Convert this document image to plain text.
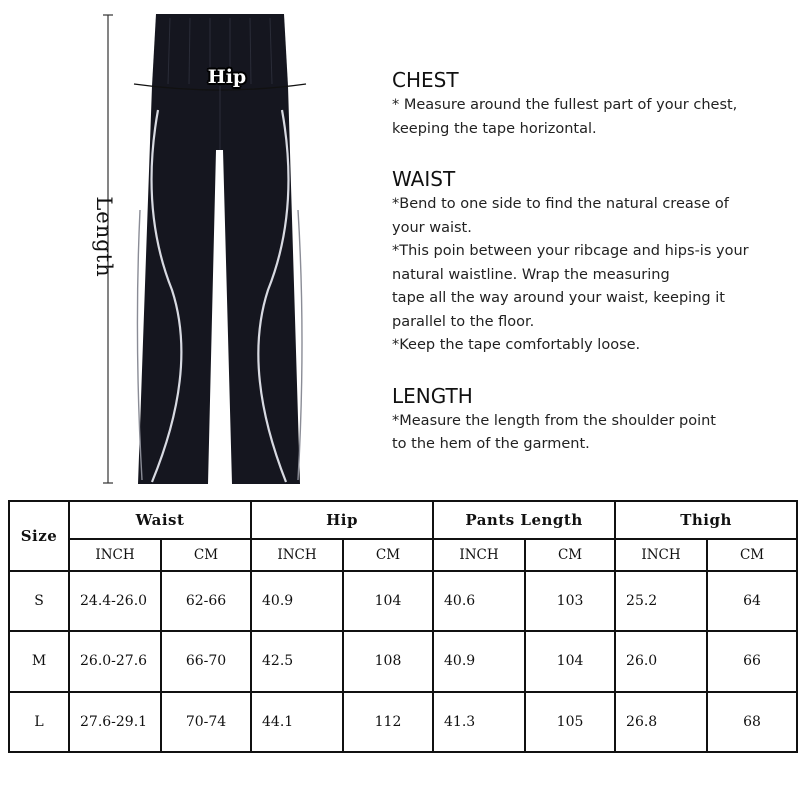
Length
Hip	CHEST

* Measure around the fullest part of your chest,

keeping the tape horizontal.

WAIST

*Bend to one side to find the natural crease of

your waist.

*This poin between your ribcage and hips-is your

natural waistline. Wrap the measuring

tape all the way around your waist, keeping it

parallel to the floor.

*Keep the tape comfortably loose.

LENGTH

*Measure the length from the shoulder point

to the hem of the garment.

Size	Waist		Hip		Pants Length		Thigh	
	INCH	CM	INCH	CM	INCH	CM	INCH	CM
S	24.4-26.0	62-66	40.9	104	40.6	103	25.2	64
M	26.0-27.6	66-70	42.5	108	40.9	104	26.0	66
L	27.6-29.1	70-74	44.1	112	41.3	105	26.8	68
